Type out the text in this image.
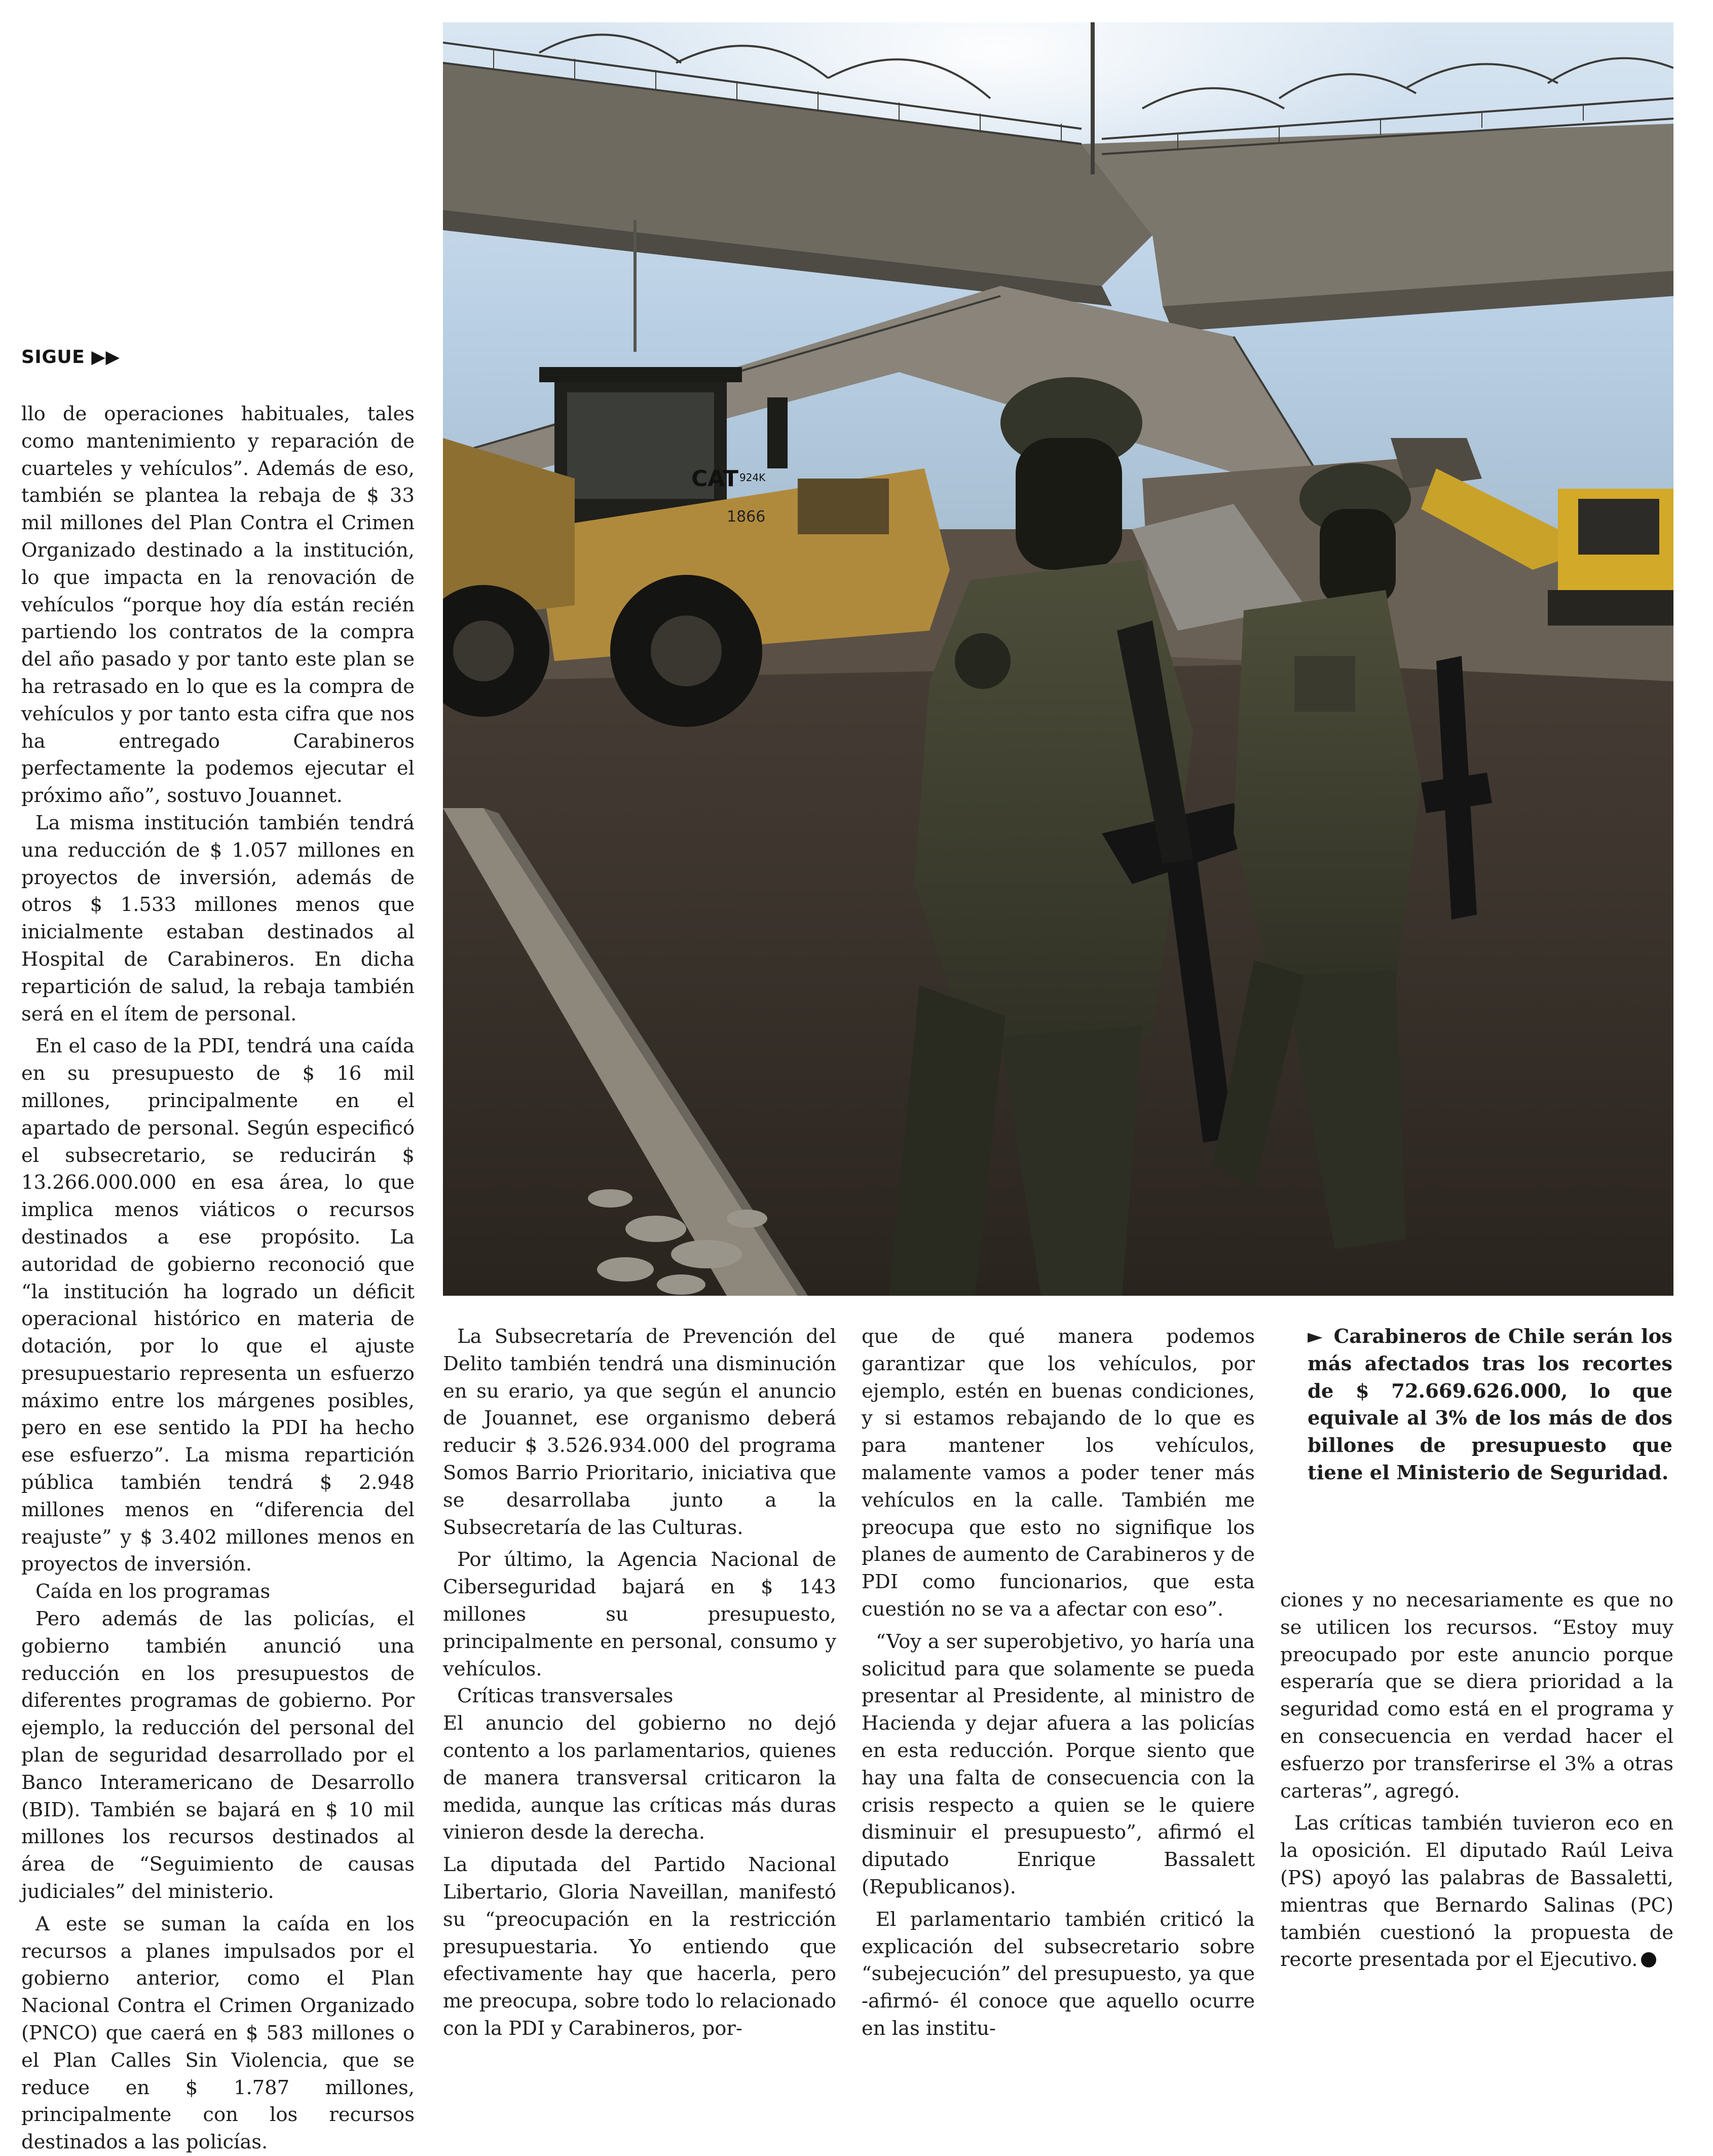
SIGUE ▶▶

llo de operaciones habituales, tales como mantenimiento y reparación de cuarteles y vehículos”. Además de eso, también se plantea la rebaja de $ 33 mil millones del Plan Contra el Crimen Organizado destinado a la institución, lo que impacta en la renovación de vehículos “porque hoy día están recién partiendo los contratos de la compra del año pasado y por tanto este plan se ha retrasado en lo que es la compra de vehículos y por tanto esta cifra que nos ha entregado Carabineros perfectamente la podemos ejecutar el próximo año”, sostuvo Jouannet.

La misma institución también tendrá una reducción de $ 1.057 millones en proyectos de inversión, además de otros $ 1.533 millones menos que inicialmente estaban destinados al Hospital de Carabineros. En dicha repartición de salud, la rebaja también será en el ítem de personal.

En el caso de la PDI, tendrá una caída en su presupuesto de $ 16 mil millones, principalmente en el apartado de personal. Según especificó el subsecretario, se reducirán $ 13.266.000.000 en esa área, lo que implica menos viáticos o recursos destinados a ese propósito. La autoridad de gobierno reconoció que “la institución ha logrado un déficit operacional histórico en materia de dotación, por lo que el ajuste presupuestario representa un esfuerzo máximo entre los márgenes posibles, pero en ese sentido la PDI ha hecho ese esfuerzo”. La misma repartición pública también tendrá $ 2.948 millones menos en “diferencia del reajuste” y $ 3.402 millones menos en proyectos de inversión.

Caída en los programas

Pero además de las policías, el gobierno también anunció una reducción en los presupuestos de diferentes programas de gobierno. Por ejemplo, la reducción del personal del plan de seguridad desarrollado por el Banco Interamericano de Desarrollo (BID). También se bajará en $ 10 mil millones los recursos destinados al área de “Seguimiento de causas judiciales” del ministerio.

A este se suman la caída en los recursos a planes impulsados por el gobierno anterior, como el Plan Nacional Contra el Crimen Organizado (PNCO) que caerá en $ 583 millones o el Plan Calles Sin Violencia, que se reduce en $ 1.787 millones, principalmente con los recursos destinados a las policías.

CAT 924K
1866
► Carabineros de Chile serán los más afectados tras los recortes de $ 72.669.626.000, lo que equivale al 3% de los más de dos billones de presupuesto que tiene el Ministerio de Seguridad.

La Subsecretaría de Prevención del Delito también tendrá una disminución en su erario, ya que según el anuncio de Jouannet, ese organismo deberá reducir $ 3.526.934.000 del programa Somos Barrio Prioritario, iniciativa que se desarrollaba junto a la Subsecretaría de las Culturas.

Por último, la Agencia Nacional de Ciberseguridad bajará en $ 143 millones su presupuesto, principalmente en personal, consumo y vehículos.

Críticas transversales

El anuncio del gobierno no dejó contento a los parlamentarios, quienes de manera transversal criticaron la medida, aunque las críticas más duras vinieron desde la derecha.

La diputada del Partido Nacional Libertario, Gloria Naveillan, manifestó su “preocupación en la restricción presupuestaria. Yo entiendo que efectivamente hay que hacerla, pero me preocupa, sobre todo lo relacionado con la PDI y Carabineros, por-

que de qué manera podemos garantizar que los vehículos, por ejemplo, estén en buenas condiciones, y si estamos rebajando de lo que es para mantener los vehículos, malamente vamos a poder tener más vehículos en la calle. También me preocupa que esto no signifique los planes de aumento de Carabineros y de PDI como funcionarios, que esta cuestión no se va a afectar con eso”.

“Voy a ser superobjetivo, yo haría una solicitud para que solamente se pueda presentar al Presidente, al ministro de Hacienda y dejar afuera a las policías en esta reducción. Porque siento que hay una falta de consecuencia con la crisis respecto a quien se le quiere disminuir el presupuesto”, afirmó el diputado Enrique Bassalett (Republicanos).

El parlamentario también criticó la explicación del subsecretario sobre “subejecución” del presupuesto, ya que -afirmó- él conoce que aquello ocurre en las institu-

ciones y no necesariamente es que no se utilicen los recursos. “Estoy muy preocupado por este anuncio porque esperaría que se diera prioridad a la seguridad como está en el programa y en consecuencia en verdad hacer el esfuerzo por transferirse el 3% a otras carteras”, agregó.

Las críticas también tuvieron eco en la oposición. El diputado Raúl Leiva (PS) apoyó las palabras de Bassaletti, mientras que Bernardo Salinas (PC) también cuestionó la propuesta de recorte presentada por el Ejecutivo.
